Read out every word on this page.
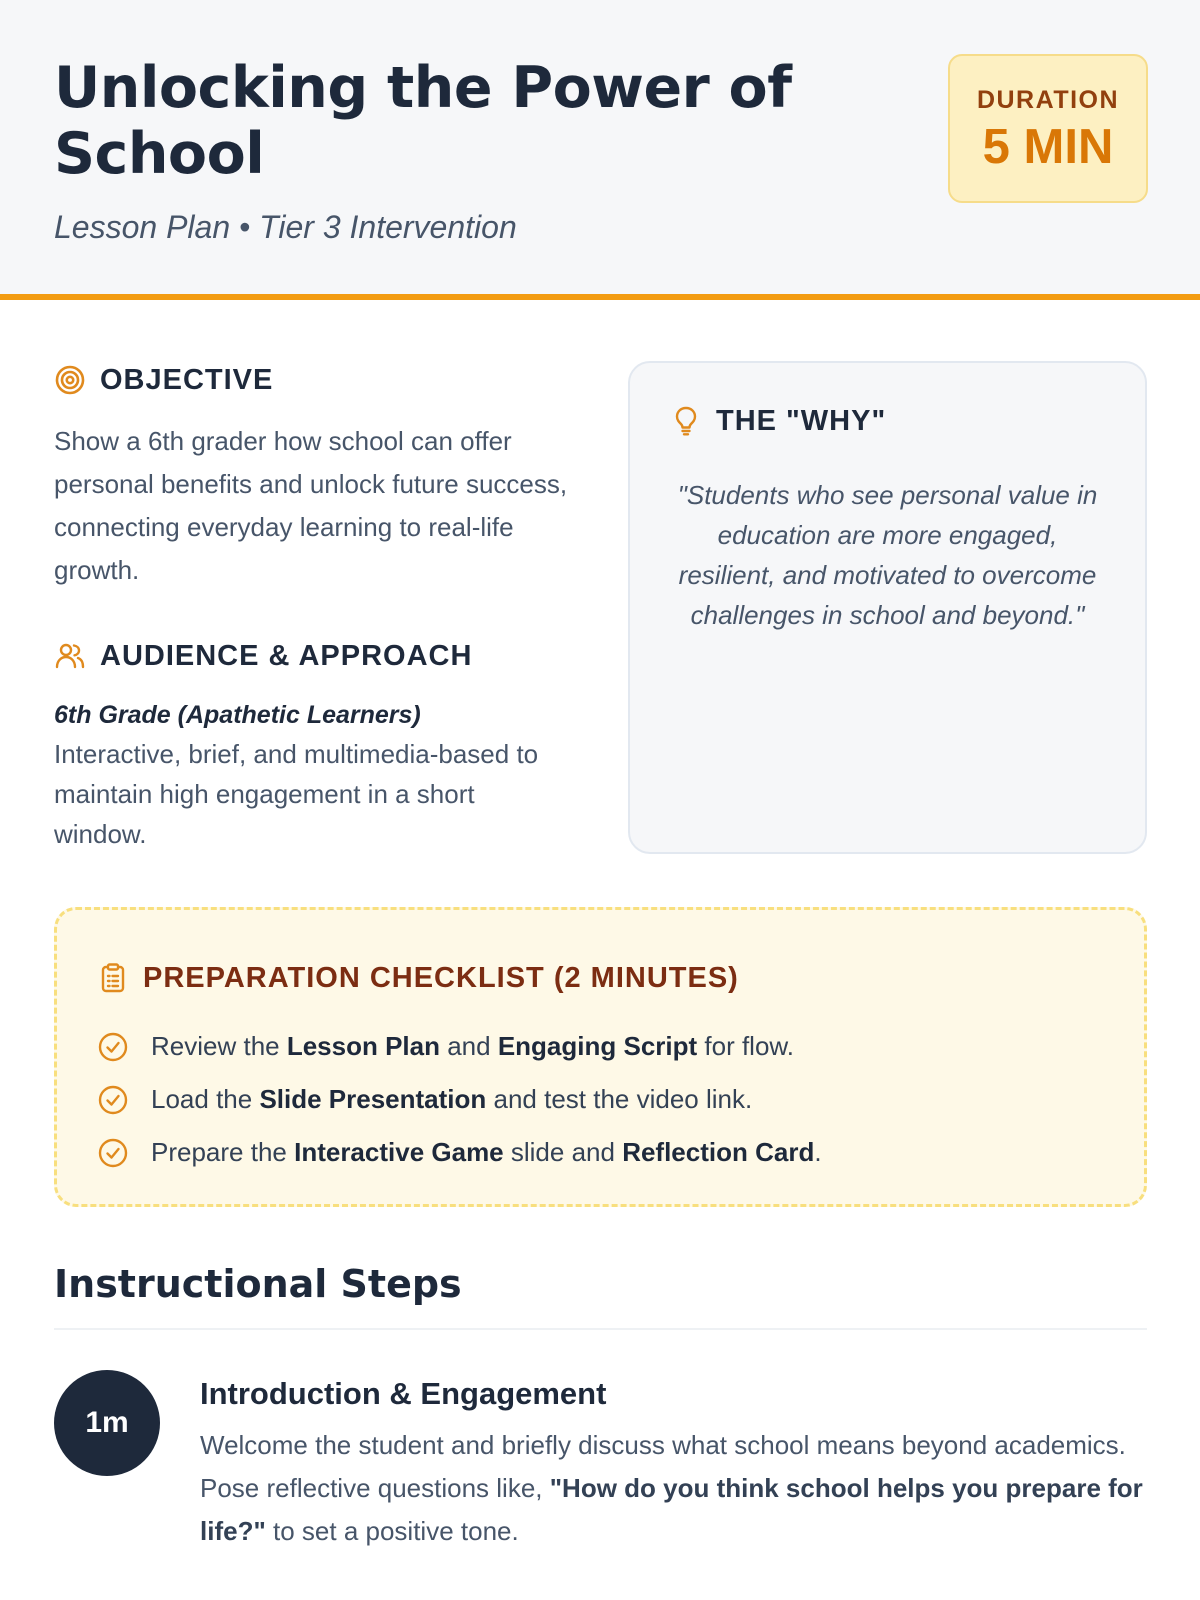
Unlocking the Power of School
Lesson Plan • Tier 3 Intervention
DURATION
5 MIN
OBJECTIVE

Show a 6th grader how school can offer personal benefits and unlock future success, connecting everyday learning to real-life growth.

AUDIENCE & APPROACH
6th Grade (Apathetic Learners)

Interactive, brief, and multimedia-based to maintain high engagement in a short window.

THE "WHY"

"Students who see personal value in education are more engaged, resilient, and motivated to overcome challenges in school and beyond."

PREPARATION CHECKLIST (2 MINUTES)
Review the Lesson Plan and Engaging Script for flow.
Load the Slide Presentation and test the video link.
Prepare the Interactive Game slide and Reflection Card.
Instructional Steps
1m
Introduction & Engagement

Welcome the student and briefly discuss what school means beyond academics. Pose reflective questions like, "How do you think school helps you prepare for life?" to set a positive tone.
